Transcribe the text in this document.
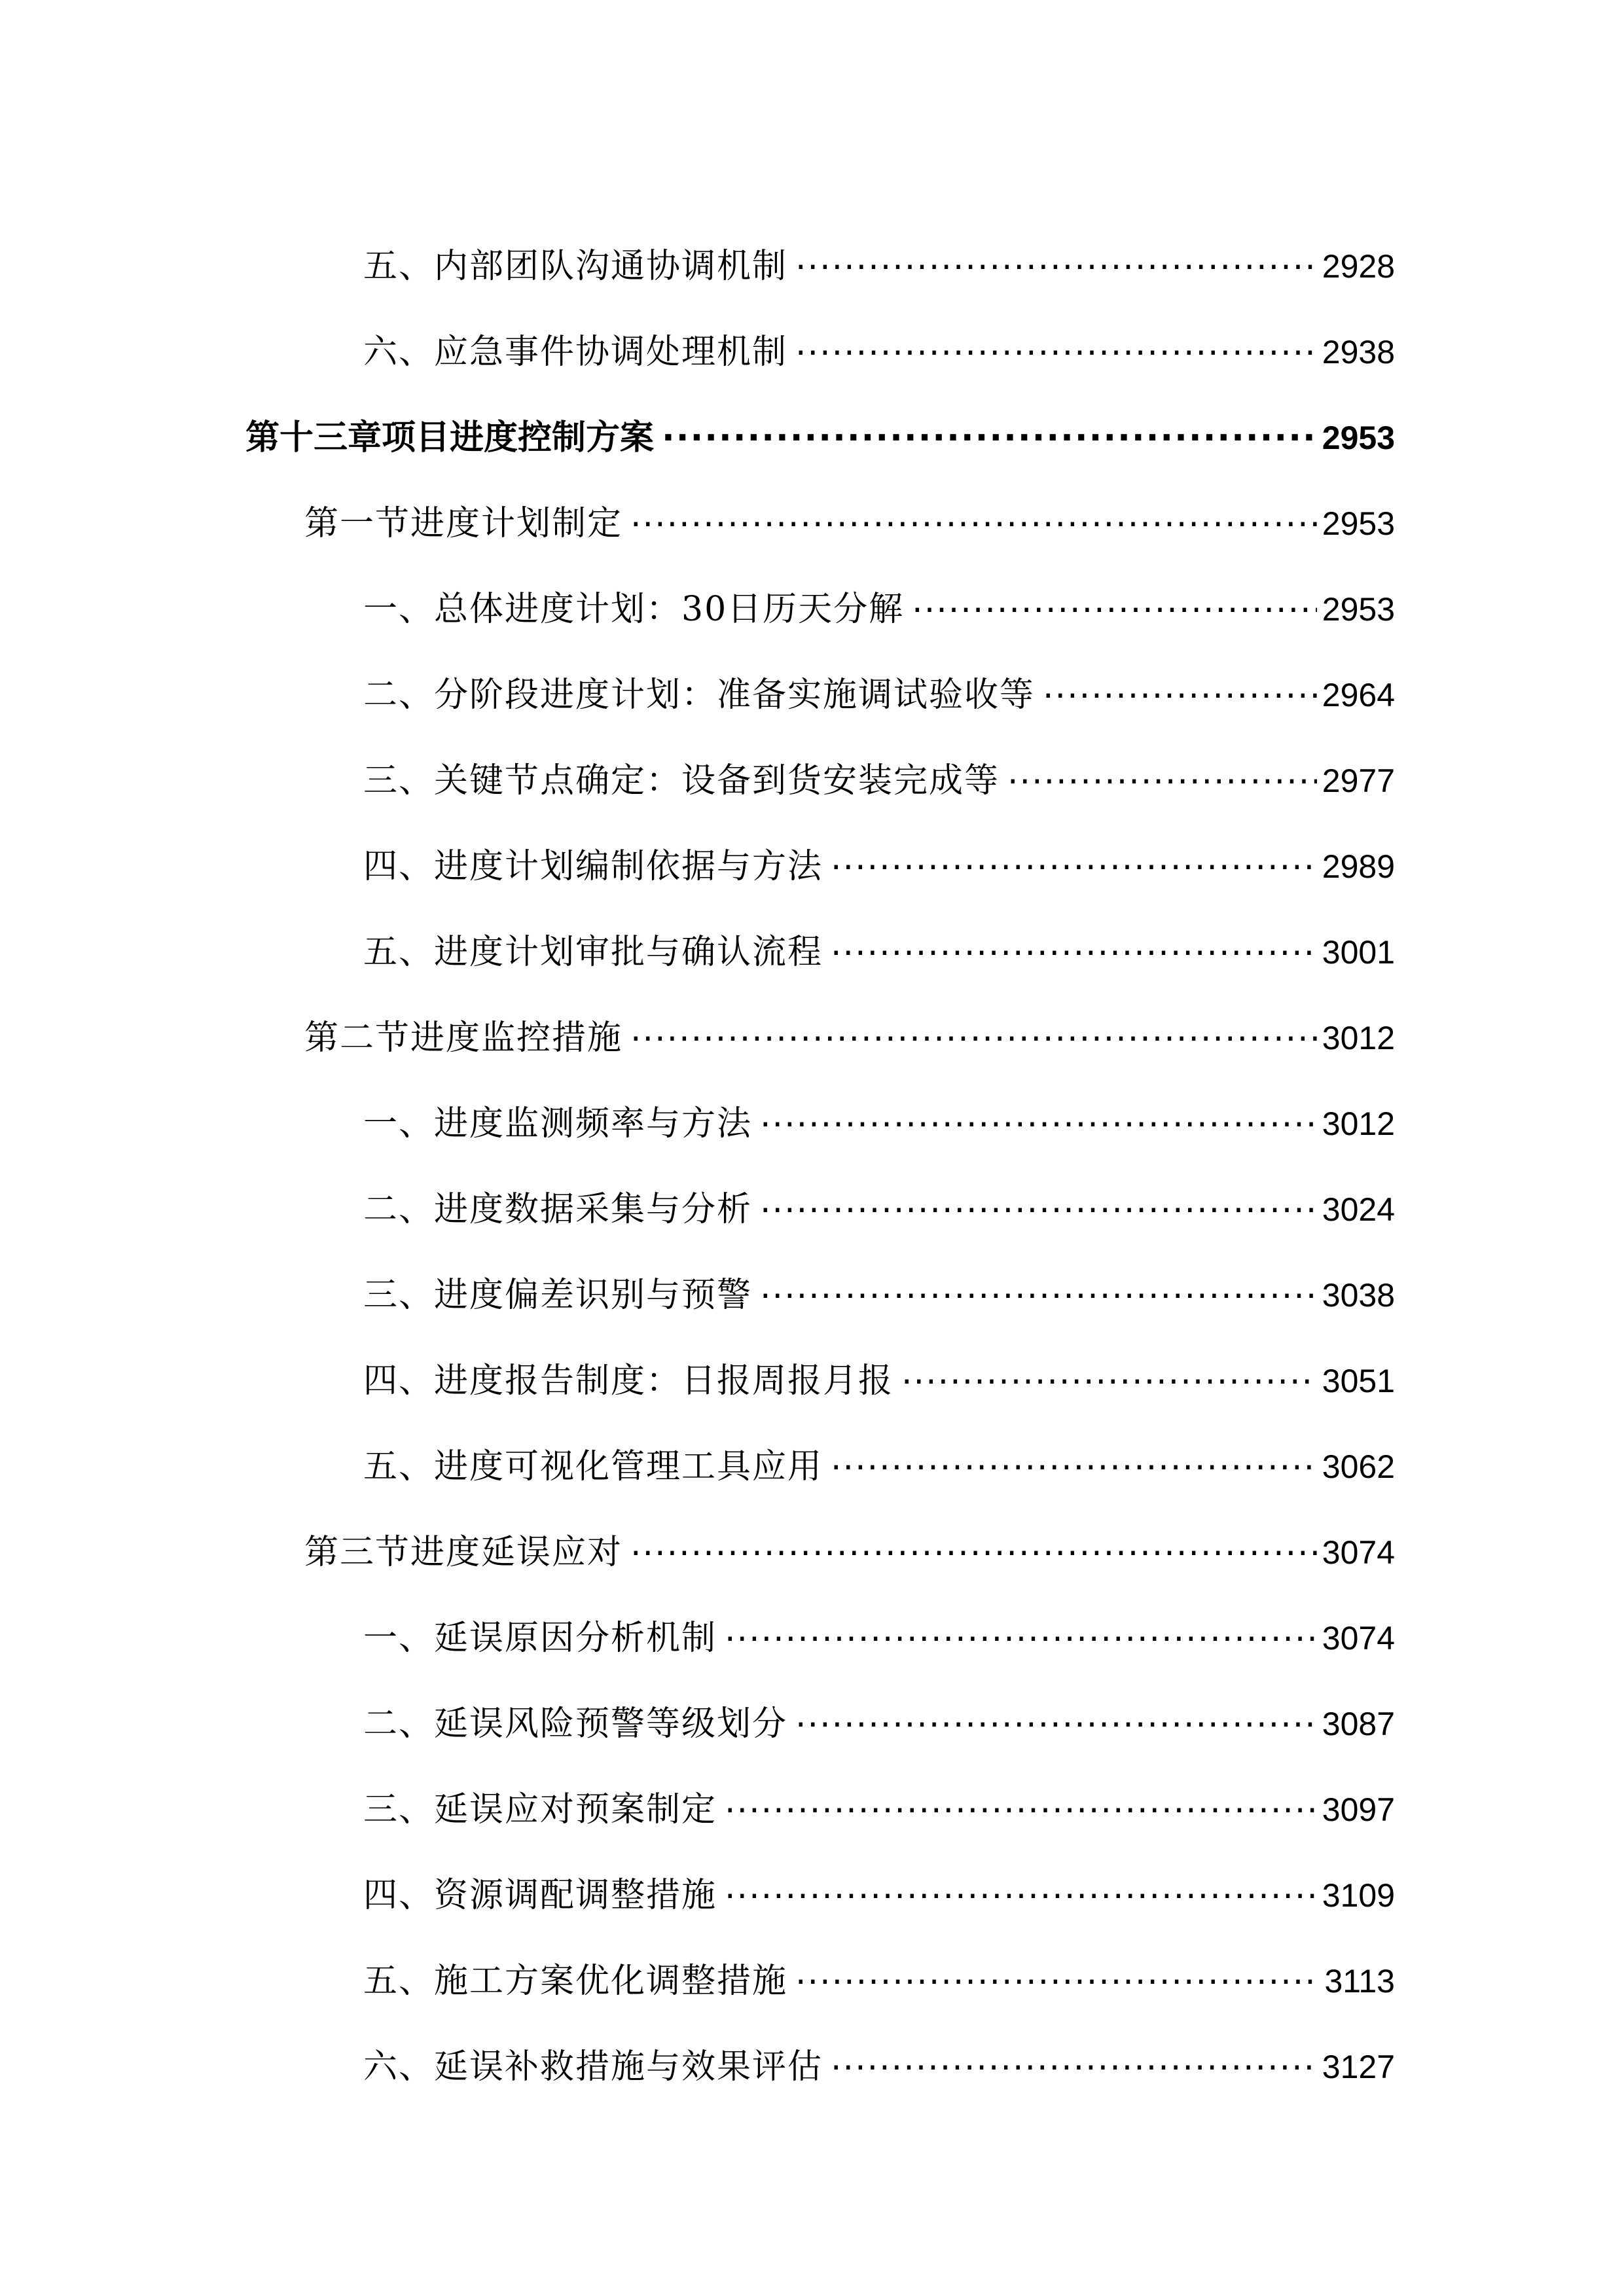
五、内部团队沟通协调机制 .....	2928
六、应急事件协调处理机制 .....	2938
第十三章项目进度控制方案 .....	2953
第一节进度计划制定 .....	2953
一、总体进度计划：30日历天分解 .....	2953
二、分阶段进度计划：准备实施调试验收等 .....	2964
三、关键节点确定：设备到货安装完成等 .....	2977
四、进度计划编制依据与方法 .....	2989
五、进度计划审批与确认流程 .....	3001
第二节进度监控措施 .....	3012
一、进度监测频率与方法 .....	3012
二、进度数据采集与分析 .....	3024
三、进度偏差识别与预警 .....	3038
四、进度报告制度：日报周报月报 .....	3051
五、进度可视化管理工具应用 .....	3062
第三节进度延误应对 .....	3074
一、延误原因分析机制 .....	3074
二、延误风险预警等级划分 .....	3087
三、延误应对预案制定 .....	3097
四、资源调配调整措施 .....	3109
五、施工方案优化调整措施 .....	3113
六、延误补救措施与效果评估 .....	3127
